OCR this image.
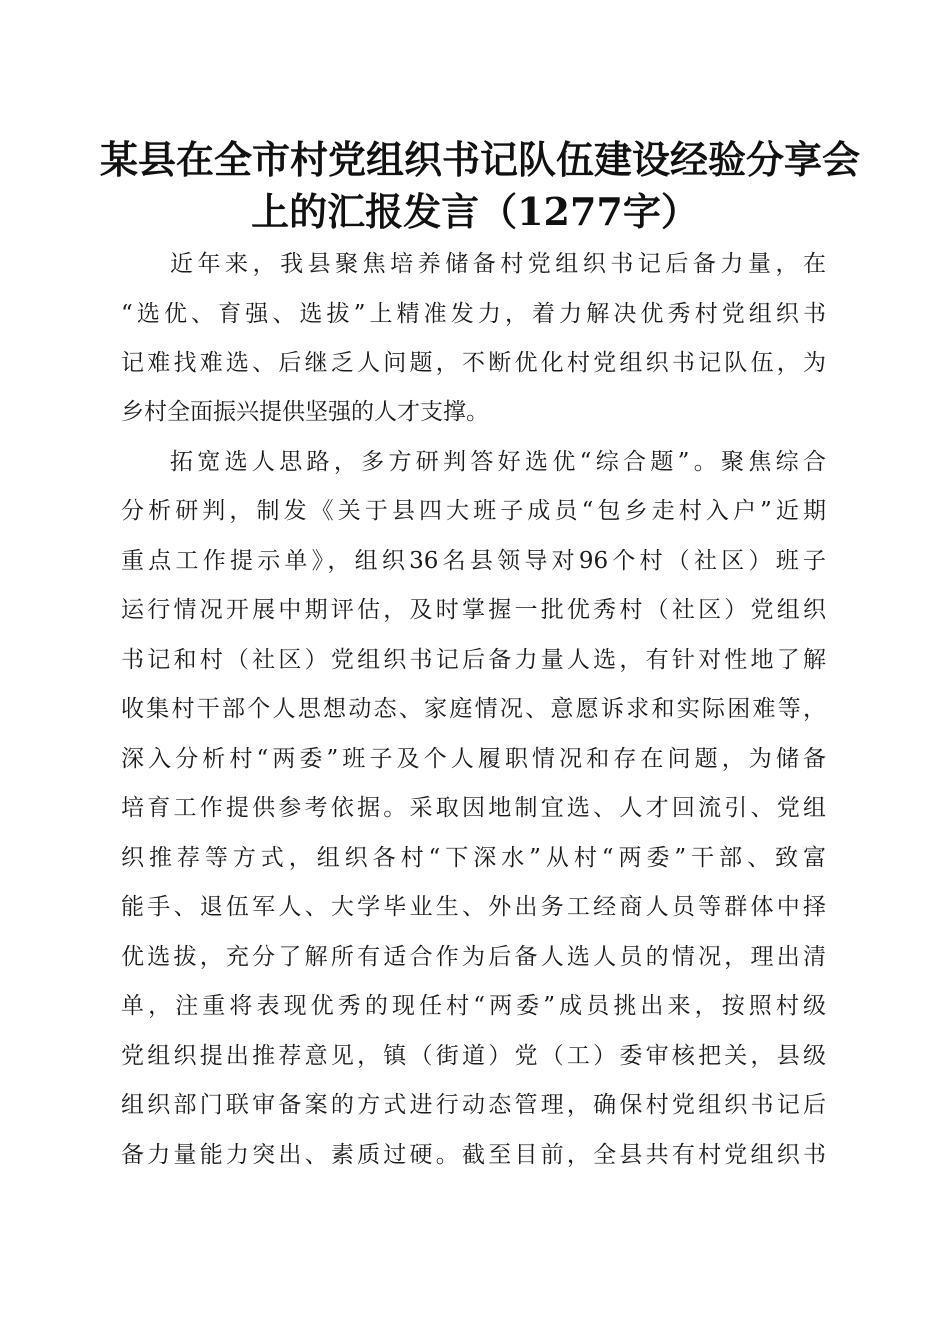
某县在全市村党组织书记队伍建设经验分享会
上的汇报发言（1277字）
近年来，我县聚焦培养储备村党组织书记后备力量，在
“选优、育强、选拔”上精准发力，着力解决优秀村党组织书
记难找难选、后继乏人问题，不断优化村党组织书记队伍，为
乡村全面振兴提供坚强的人才支撑。
拓宽选人思路，多方研判答好选优“综合题”。聚焦综合
分析研判，制发《关于县四大班子成员“包乡走村入户”近期
重点工作提示单》，组织36名县领导对96个村（社区）班子
运行情况开展中期评估，及时掌握一批优秀村（社区）党组织
书记和村（社区）党组织书记后备力量人选，有针对性地了解
收集村干部个人思想动态、家庭情况、意愿诉求和实际困难等，
深入分析村“两委”班子及个人履职情况和存在问题，为储备
培育工作提供参考依据。采取因地制宜选、人才回流引、党组
织推荐等方式，组织各村“下深水”从村“两委”干部、致富
能手、退伍军人、大学毕业生、外出务工经商人员等群体中择
优选拔，充分了解所有适合作为后备人选人员的情况，理出清
单，注重将表现优秀的现任村“两委”成员挑出来，按照村级
党组织提出推荐意见，镇（街道）党（工）委审核把关，县级
组织部门联审备案的方式进行动态管理，确保村党组织书记后
备力量能力突出、素质过硬。截至目前，全县共有村党组织书
